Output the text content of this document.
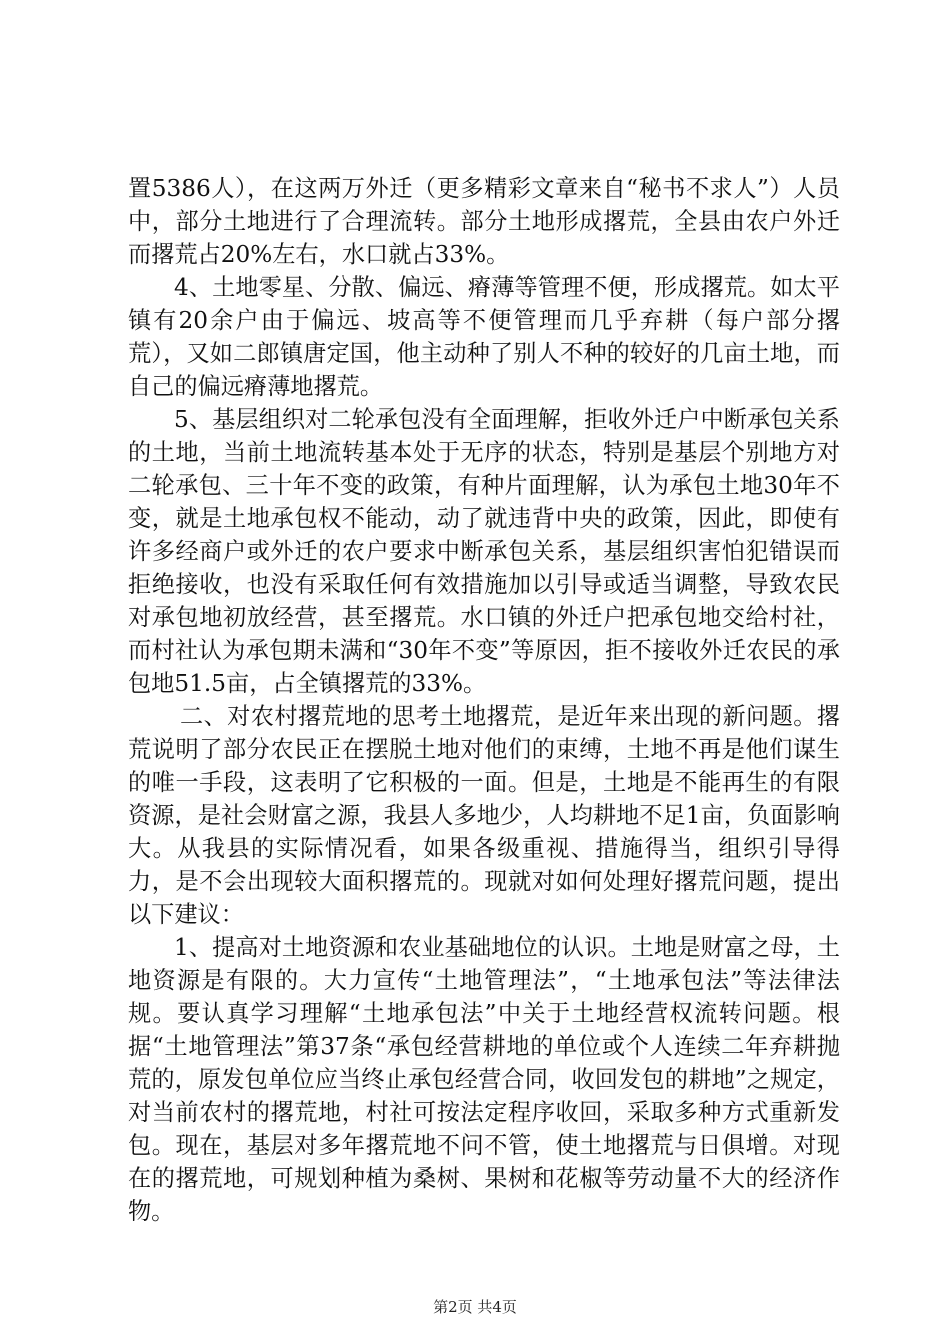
置5386人），在这两万外迁（更多精彩文章来自“秘书不求人”）人员中，部分土地进行了合理流转。部分土地形成撂荒，全县由农户外迁而撂荒占20%左右，水口就占33%。

4、土地零星、分散、偏远、瘠薄等管理不便，形成撂荒。如太平镇有20余户由于偏远、坡高等不便管理而几乎弃耕（每户部分撂荒），又如二郎镇唐定国，他主动种了别人不种的较好的几亩土地，而自己的偏远瘠薄地撂荒。

5、基层组织对二轮承包没有全面理解，拒收外迁户中断承包关系的土地，当前土地流转基本处于无序的状态，特别是基层个别地方对二轮承包、三十年不变的政策，有种片面理解，认为承包土地30年不变，就是土地承包权不能动，动了就违背中央的政策，因此，即使有许多经商户或外迁的农户要求中断承包关系，基层组织害怕犯错误而拒绝接收，也没有采取任何有效措施加以引导或适当调整，导致农民对承包地初放经营，甚至撂荒。水口镇的外迁户把承包地交给村社，而村社认为承包期未满和“30年不变”等原因，拒不接收外迁农民的承包地51.5亩，占全镇撂荒的33%。

二、对农村撂荒地的思考土地撂荒，是近年来出现的新问题。撂荒说明了部分农民正在摆脱土地对他们的束缚，土地不再是他们谋生的唯一手段，这表明了它积极的一面。但是，土地是不能再生的有限资源，是社会财富之源，我县人多地少，人均耕地不足1亩，负面影响大。从我县的实际情况看，如果各级重视、措施得当，组织引导得力，是不会出现较大面积撂荒的。现就对如何处理好撂荒问题，提出以下建议：

1、提高对土地资源和农业基础地位的认识。土地是财富之母，土地资源是有限的。大力宣传“土地管理法”，“土地承包法”等法律法规。要认真学习理解“土地承包法”中关于土地经营权流转问题。根据“土地管理法”第37条“承包经营耕地的单位或个人连续二年弃耕抛荒的，原发包单位应当终止承包经营合同，收回发包的耕地”之规定，对当前农村的撂荒地，村社可按法定程序收回，采取多种方式重新发包。现在，基层对多年撂荒地不问不管，使土地撂荒与日俱增。对现在的撂荒地，可规划种植为桑树、果树和花椒等劳动量不大的经济作物。

第2页 共4页
